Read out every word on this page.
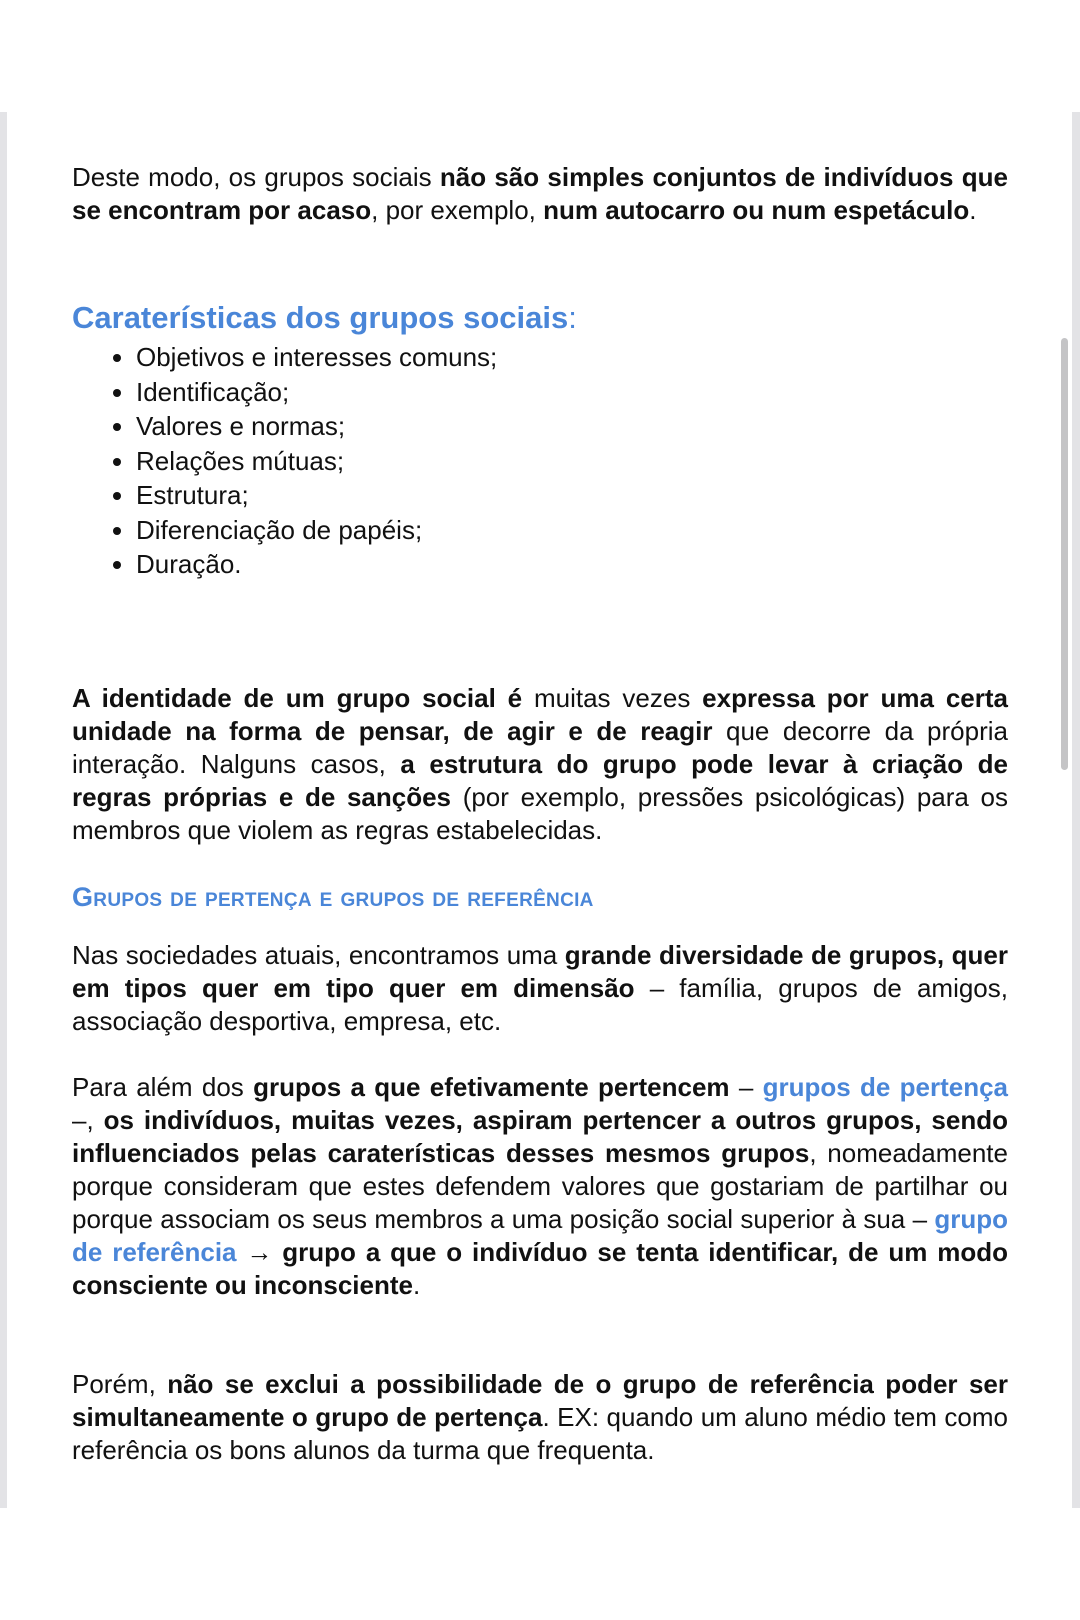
Deste modo, os grupos sociais não são simples conjuntos de indivíduos que se encontram por acaso, por exemplo, num autocarro ou num espetáculo.

Caraterísticas dos grupos sociais:
• Objetivos e interesses comuns;
• Identificação;
• Valores e normas;
• Relações mútuas;
• Estrutura;
• Diferenciação de papéis;
• Duração.

A identidade de um grupo social é muitas vezes expressa por uma certa unidade na forma de pensar, de agir e de reagir que decorre da própria interação. Nalguns casos, a estrutura do grupo pode levar à criação de regras próprias e de sanções (por exemplo, pressões psicológicas) para os membros que violem as regras estabelecidas.

Grupos de pertença e grupos de referência

Nas sociedades atuais, encontramos uma grande diversidade de grupos, quer em tipos quer em tipo quer em dimensão – família, grupos de amigos, associação desportiva, empresa, etc.

Para além dos grupos a que efetivamente pertencem – grupos de pertença –, os indivíduos, muitas vezes, aspiram pertencer a outros grupos, sendo influenciados pelas caraterísticas desses mesmos grupos, nomeadamente porque consideram que estes defendem valores que gostariam de partilhar ou porque associam os seus membros a uma posição social superior à sua – grupo de referência → grupo a que o indivíduo se tenta identificar, de um modo consciente ou inconsciente.

Porém, não se exclui a possibilidade de o grupo de referência poder ser simultaneamente o grupo de pertença. EX: quando um aluno médio tem como referência os bons alunos da turma que frequenta.
